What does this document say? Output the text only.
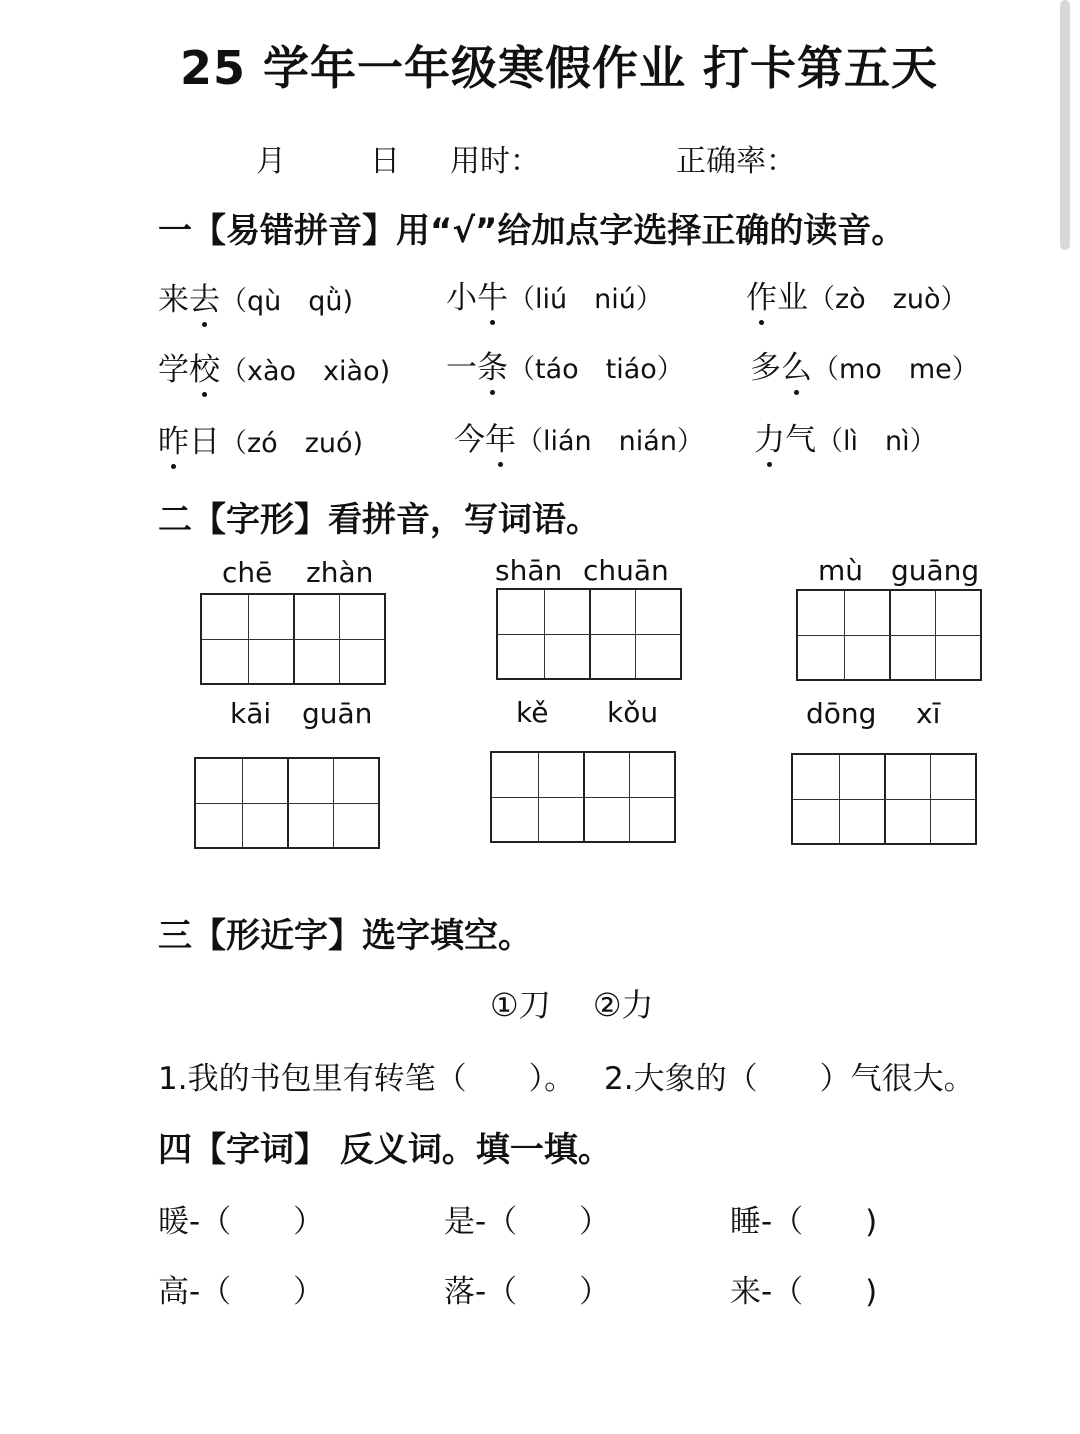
25 学年一年级寒假作业 打卡第五天
月	日 用时：	正确率：
一【易错拼音】用“√”给加点字选择正确的读音。
来去（qù　qǜ)	小牛（liú　niú）	作业（zò　zuò）
学校（xào　xiào) 一条（táo　tiáo） 多么（mo　me）
昨日（zó　zuó)	今年（lián　nián） 力气（lì　nì）
二【字形】看拼音，写词语。
chē zhàn	shān chuān	mù guāng
kāi guān	kě kǒu	dōng xī
三【形近字】选字填空。
①刀　 ②力
1.我的书包里有转笔（　　）。 2.大象的（　　）气很大。
四【字词】 反义词。填一填。
暖-（　　）	是-（　　）	睡-（　　)
高-（　　）	落-（　　）	来-（　　)
